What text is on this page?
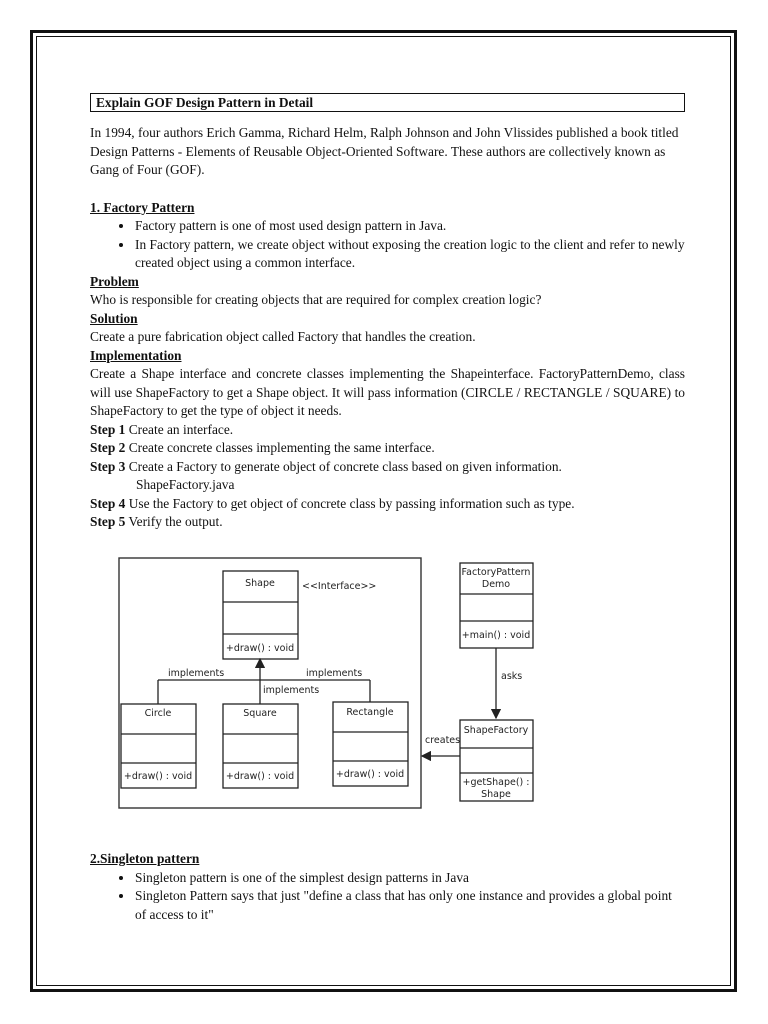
Explain GOF Design Pattern in Detail

In 1994, four authors Erich Gamma, Richard Helm, Ralph Johnson and John Vlissides published a book titled Design Patterns - Elements of Reusable Object-Oriented Software. These authors are collectively known as Gang of Four (GOF).

1. Factory Pattern

• Factory pattern is one of most used design pattern in Java.
• In Factory pattern, we create object without exposing the creation logic to the client and refer to newly created object using a common interface.

Problem

Who is responsible for creating objects that are required for complex creation logic?

Solution

Create a pure fabrication object called Factory that handles the creation.

Implementation

Create a Shape interface and concrete classes implementing the Shapeinterface. FactoryPatternDemo, class will use ShapeFactory to get a Shape object. It will pass information (CIRCLE / RECTANGLE / SQUARE) to ShapeFactory to get the type of object it needs.

Step 1 Create an interface.

Step 2 Create concrete classes implementing the same interface.

Step 3 Create a Factory to generate object of concrete class based on given information.

ShapeFactory.java

Step 4 Use the Factory to get object of concrete class by passing information such as type.

Step 5 Verify the output.

Shape	<<Interface>>
+draw() : void
implements
implements
implements
Circle
+draw() : void
Square
+draw() : void
Rectangle
+draw() : void
FactoryPattern
Demo
+main() : void
asks
ShapeFactory
+getShape() :
Shape
creates

2.Singleton pattern

• Singleton pattern is one of the simplest design patterns in Java
• Singleton Pattern says that just "define a class that has only one instance and provides a global point of access to it"
